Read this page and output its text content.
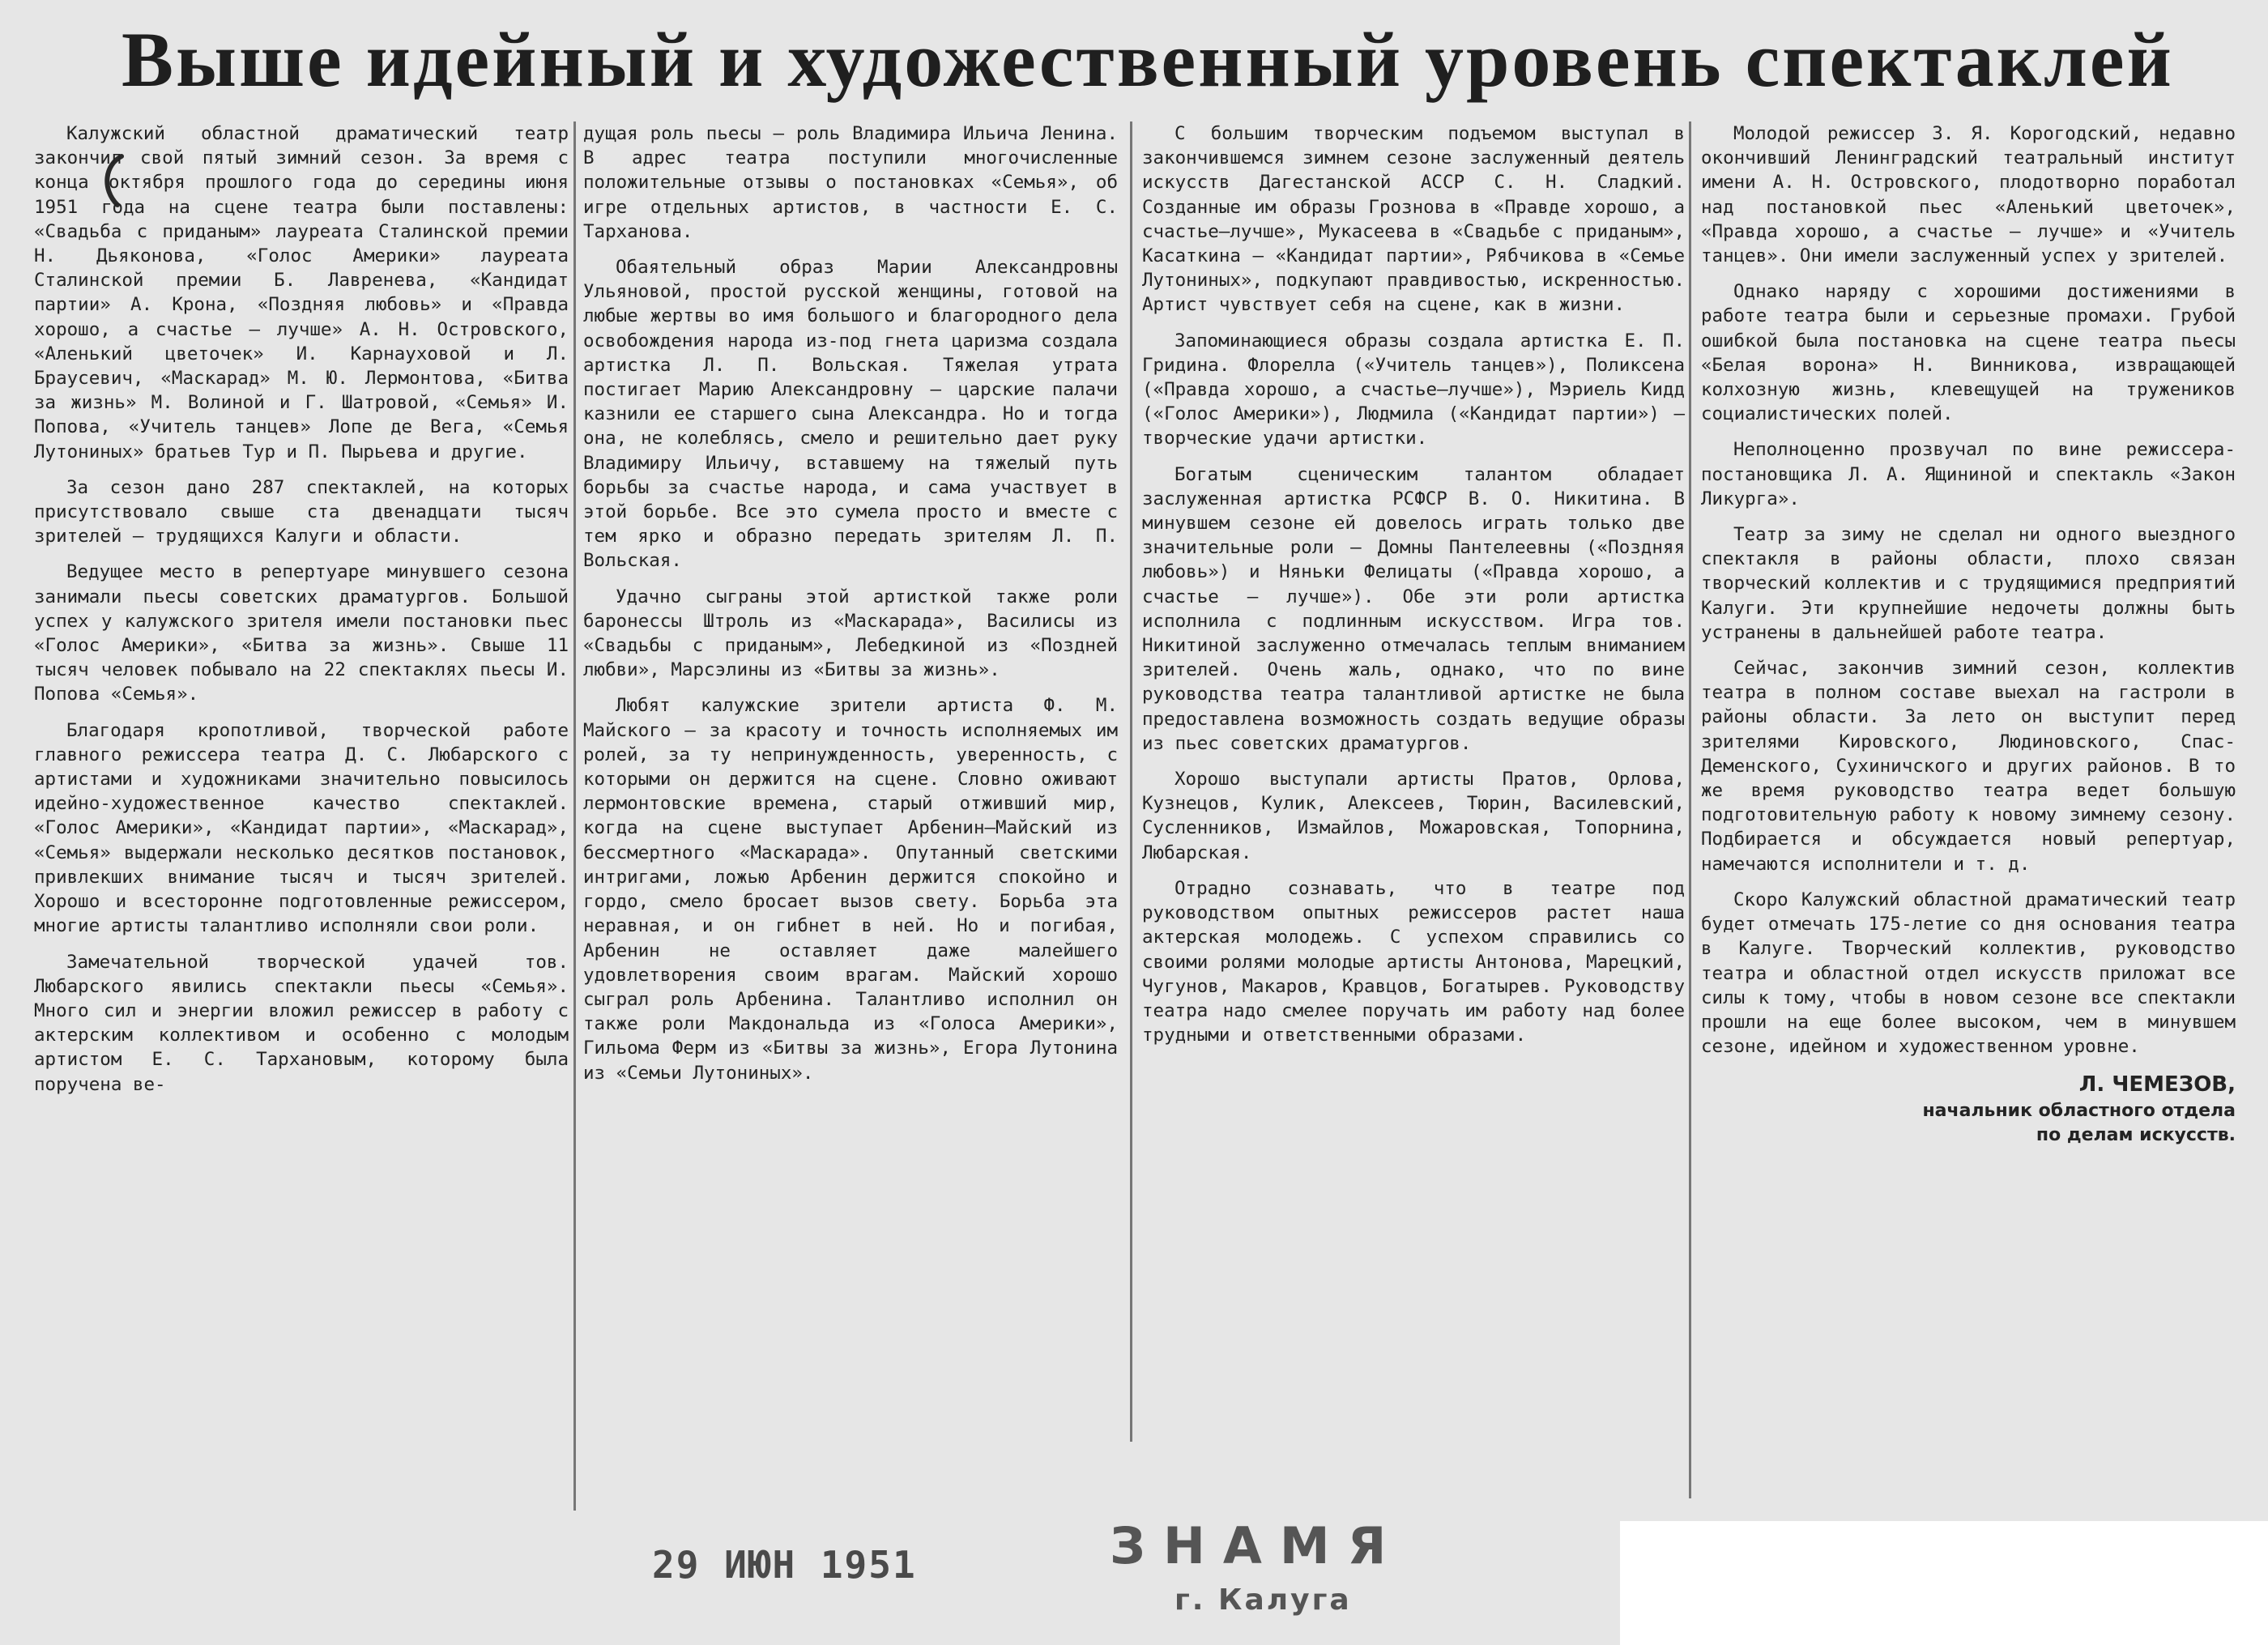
Выше идейный и художественный уровень спектаклей

Калужский областной драматический театр закончил свой пятый зимний сезон. За время с конца октября прошлого года до середины июня 1951 года на сцене театра были поставлены: «Свадьба с приданым» лауреата Сталинской премии Н. Дьяконова, «Голос Америки» лауреата Сталинской премии Б. Лавренева, «Кандидат партии» А. Крона, «Поздняя любовь» и «Правда хорошо, а счастье — лучше» А. Н. Островского, «Аленький цветочек» И. Карнауховой и Л. Браусевич, «Маскарад» М. Ю. Лермонтова, «Битва за жизнь» М. Волиной и Г. Шатровой, «Семья» И. Попова, «Учитель танцев» Лопе де Вега, «Семья Лутониных» братьев Тур и П. Пырьева и другие.

За сезон дано 287 спектаклей, на которых присутствовало свыше ста двенадцати тысяч зрителей — трудящихся Калуги и области.

Ведущее место в репертуаре минувшего сезона занимали пьесы советских драматургов. Большой успех у калужского зрителя имели постановки пьес «Голос Америки», «Битва за жизнь». Свыше 11 тысяч человек побывало на 22 спектаклях пьесы И. Попова «Семья».

Благодаря кропотливой, творческой работе главного режиссера театра Д. С. Любарского с артистами и художниками значительно повысилось идейно-художественное качество спектаклей. «Голос Америки», «Кандидат партии», «Маскарад», «Семья» выдержали несколько десятков постановок, привлекших внимание тысяч и тысяч зрителей. Хорошо и всесторонне подготовленные режиссером, многие артисты талантливо исполняли свои роли.

Замечательной творческой удачей тов. Любарского явились спектакли пьесы «Семья». Много сил и энергии вложил режиссер в работу с актерским коллективом и особенно с молодым артистом Е. С. Тархановым, которому была поручена ве-

дущая роль пьесы — роль Владимира Ильича Ленина. В адрес театра поступили многочисленные положительные отзывы о постановках «Семья», об игре отдельных артистов, в частности Е. С. Тарханова.

Обаятельный образ Марии Александровны Ульяновой, простой русской женщины, готовой на любые жертвы во имя большого и благородного дела освобождения народа из-под гнета царизма создала артистка Л. П. Вольская. Тяжелая утрата постигает Марию Александровну — царские палачи казнили ее старшего сына Александра. Но и тогда она, не колеблясь, смело и решительно дает руку Владимиру Ильичу, вставшему на тяжелый путь борьбы за счастье народа, и сама участвует в этой борьбе. Все это сумела просто и вместе с тем ярко и образно передать зрителям Л. П. Вольская.

Удачно сыграны этой артисткой также роли баронессы Штроль из «Маскарада», Василисы из «Свадьбы с приданым», Лебедкиной из «Поздней любви», Марсэлины из «Битвы за жизнь».

Любят калужские зрители артиста Ф. М. Майского — за красоту и точность исполняемых им ролей, за ту непринужденность, уверенность, с которыми он держится на сцене. Словно оживают лермонтовские времена, старый отживший мир, когда на сцене выступает Арбенин—Майский из бессмертного «Маскарада». Опутанный светскими интригами, ложью Арбенин держится спокойно и гордо, смело бросает вызов свету. Борьба эта неравная, и он гибнет в ней. Но и погибая, Арбенин не оставляет даже малейшего удовлетворения своим врагам. Майский хорошо сыграл роль Арбенина. Талантливо исполнил он также роли Макдональда из «Голоса Америки», Гильома Ферм из «Битвы за жизнь», Егора Лутонина из «Семьи Лутониных».

С большим творческим подъемом выступал в закончившемся зимнем сезоне заслуженный деятель искусств Дагестанской АССР С. Н. Сладкий. Созданные им образы Грознова в «Правде хорошо, а счастье—лучше», Мукасеева в «Свадьбе с приданым», Касаткина — «Кандидат партии», Рябчикова в «Семье Лутониных», подкупают правдивостью, искренностью. Артист чувствует себя на сцене, как в жизни.

Запоминающиеся образы создала артистка Е. П. Гридина. Флорелла («Учитель танцев»), Поликсена («Правда хорошо, а счастье—лучше»), Мэриель Кидд («Голос Америки»), Людмила («Кандидат партии») — творческие удачи артистки.

Богатым сценическим талантом обладает заслуженная артистка РСФСР В. О. Никитина. В минувшем сезоне ей довелось играть только две значительные роли — Домны Пантелеевны («Поздняя любовь») и Няньки Фелицаты («Правда хорошо, а счастье — лучше»). Обе эти роли артистка исполнила с подлинным искусством. Игра тов. Никитиной заслуженно отмечалась теплым вниманием зрителей. Очень жаль, однако, что по вине руководства театра талантливой артистке не была предоставлена возможность создать ведущие образы из пьес советских драматургов.

Хорошо выступали артисты Пратов, Орлова, Кузнецов, Кулик, Алексеев, Тюрин, Василевский, Сусленников, Измайлов, Можаровская, Топорнина, Любарская.

Отрадно сознавать, что в театре под руководством опытных режиссеров растет наша актерская молодежь. С успехом справились со своими ролями молодые артисты Антонова, Марецкий, Чугунов, Макаров, Кравцов, Богатырев. Руководству театра надо смелее поручать им работу над более трудными и ответственными образами.

Молодой режиссер З. Я. Корогодский, недавно окончивший Ленинградский театральный институт имени А. Н. Островского, плодотворно поработал над постановкой пьес «Аленький цветочек», «Правда хорошо, а счастье — лучше» и «Учитель танцев». Они имели заслуженный успех у зрителей.

Однако наряду с хорошими достижениями в работе театра были и серьезные промахи. Грубой ошибкой была постановка на сцене театра пьесы «Белая ворона» Н. Винникова, извращающей колхозную жизнь, клевещущей на тружеников социалистических полей.

Неполноценно прозвучал по вине режиссера-постановщика Л. А. Ящининой и спектакль «Закон Ликурга».

Театр за зиму не сделал ни одного выездного спектакля в районы области, плохо связан творческий коллектив и с трудящимися предприятий Калуги. Эти крупнейшие недочеты должны быть устранены в дальнейшей работе театра.

Сейчас, закончив зимний сезон, коллектив театра в полном составе выехал на гастроли в районы области. За лето он выступит перед зрителями Кировского, Людиновского, Спас-Деменского, Сухиничского и других районов. В то же время руководство театра ведет большую подготовительную работу к новому зимнему сезону. Подбирается и обсуждается новый репертуар, намечаются исполнители и т. д.

Скоро Калужский областной драматический театр будет отмечать 175-летие со дня основания театра в Калуге. Творческий коллектив, руководство театра и областной отдел искусств приложат все силы к тому, чтобы в новом сезоне все спектакли прошли на еще более высоком, чем в минувшем сезоне, идейном и художественном уровне.

Л. ЧЕМЕЗОВ,
начальник областного отдела
по делам искусств.
29 ИЮН 1951	ЗНАМЯ
г. Калуга
